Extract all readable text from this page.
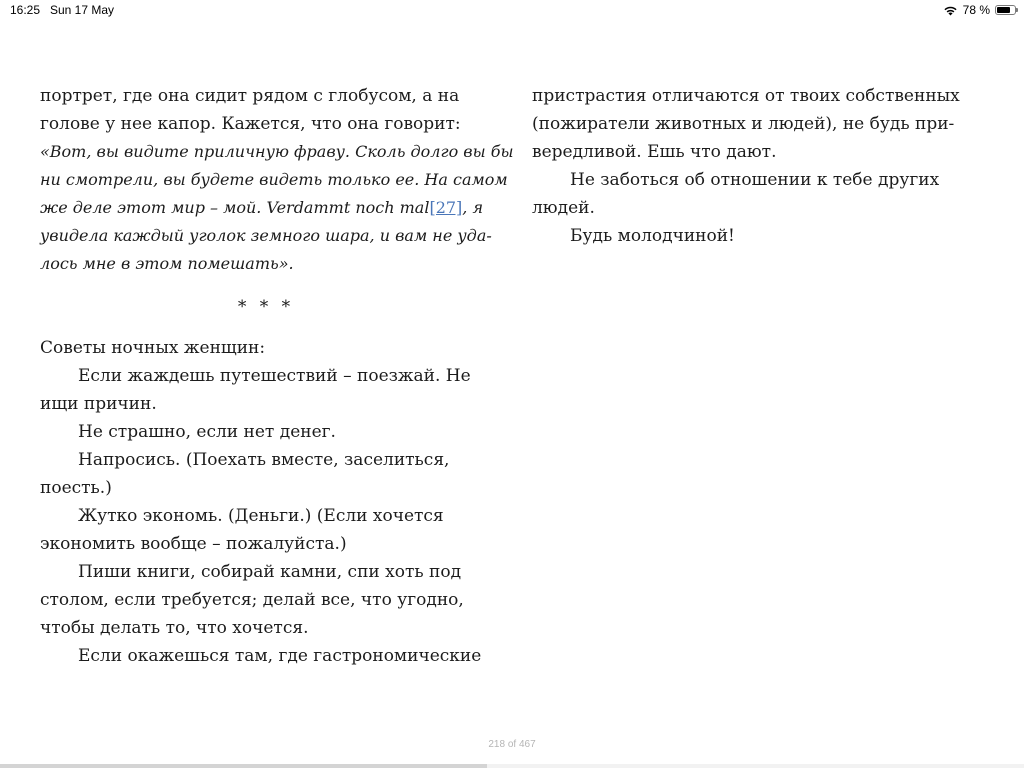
16:25 Sun 17 May	78 %

портрет, где она сидит рядом с глобусом, а на
голове у нее капор. Кажется, что она говорит:

«Вот, вы видите приличную фраву. Сколь долго вы бы
ни смотрели, вы будете видеть только ее. На самом
же деле этот мир – мой. Verdammt noch mal[27], я
увидела каждый уголок земного шара, и вам не уда-
лось мне в этом помешать».

* * *

Советы ночных женщин:

Если жаждешь путешествий – поезжай. Не
ищи причин.

Не страшно, если нет денег.

Напросись. (Поехать вместе, заселиться,
поесть.)

Жутко экономь. (Деньги.) (Если хочется
экономить вообще – пожалуйста.)

Пиши книги, собирай камни, спи хоть под
столом, если требуется; делай все, что угодно,
чтобы делать то, что хочется.

Если окажешься там, где гастрономические

пристрастия отличаются от твоих собственных
(пожиратели животных и людей), не будь при-
вередливой. Ешь что дают.

Не заботься об отношении к тебе других
людей.

Будь молодчиной!

218 of 467
